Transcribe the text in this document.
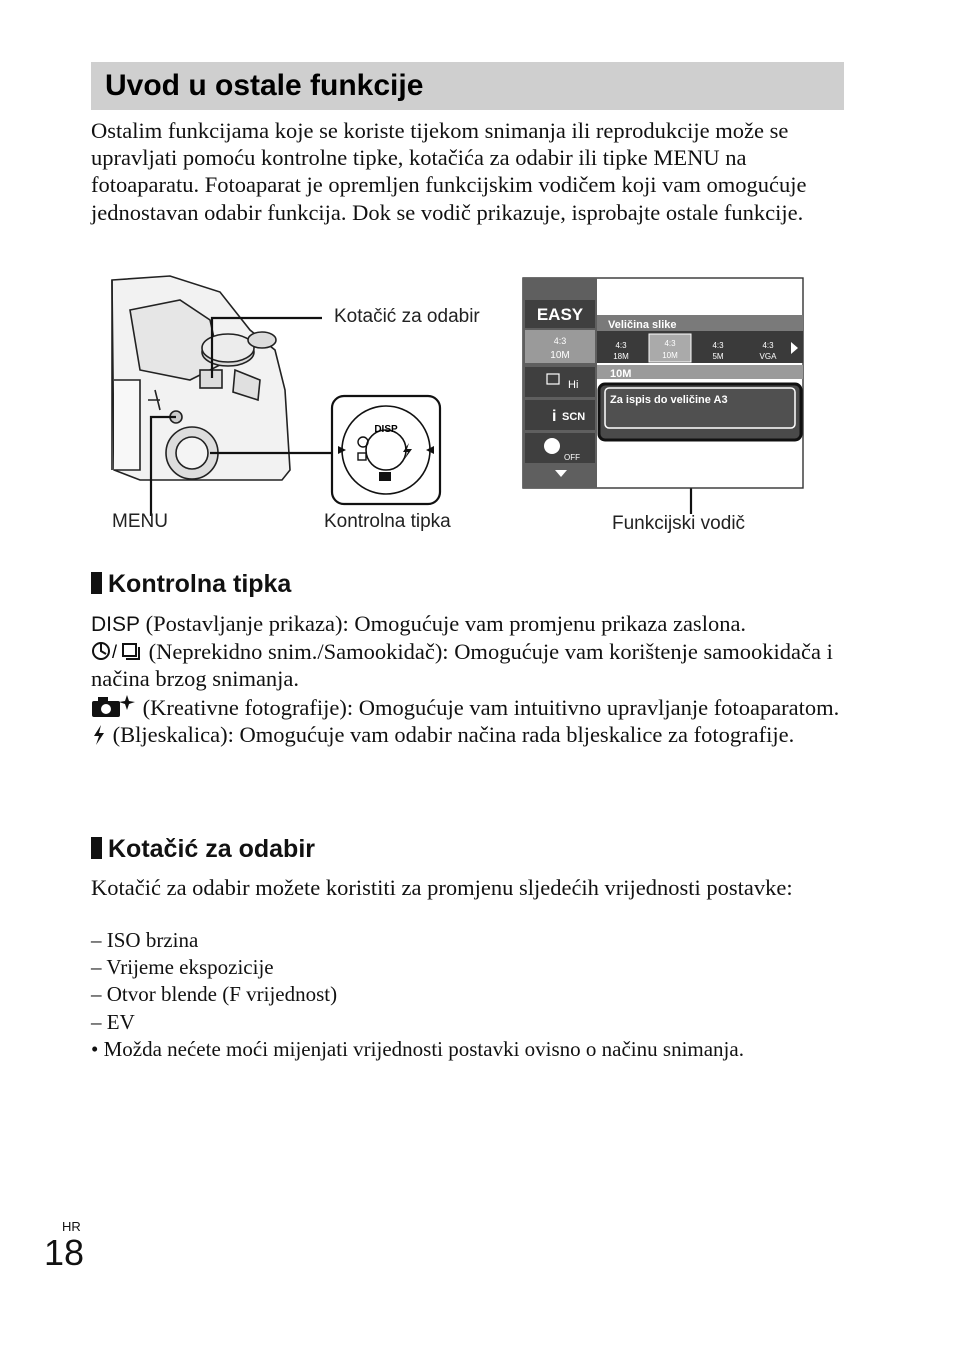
Uvod u ostale funkcije

Ostalim funkcijama koje se koriste tijekom snimanja ili reprodukcije može se upravljati pomoću kontrolne tipke, kotačića za odabir ili tipke MENU na fotoaparatu. Fotoaparat je opremljen funkcijskim vodičem koji vam omogućuje jednostavan odabir funkcija. Dok se vodič prikazuje, isprobajte ostale funkcije.

DISP
EASY
4:3
10M
Hi
i SCN
OFF
Veličina slike
4:3
18M
4:3
10M
4:3
5M
4:3
VGA
10M
Za ispis do veličine A3
Kotačić za odabir
MENU	Kontrolna tipka	Funkcijski vodič
Kontrolna tipka
DISP (Postavljanje prikaza): Omogućuje vam promjenu prikaza zaslona.
/ (Neprekidno snim./Samookidač): Omogućuje vam korištenje samookidača i načina brzog snimanja.
(Kreativne fotografije): Omogućuje vam intuitivno upravljanje fotoaparatom.
(Bljeskalica): Omogućuje vam odabir načina rada bljeskalice za fotografije.
Kotačić za odabir

Kotačić za odabir možete koristiti za promjenu sljedećih vrijednosti postavke:

– ISO brzina
– Vrijeme ekspozicije
– Otvor blende (F vrijednost)
– EV
• Možda nećete moći mijenjati vrijednosti postavki ovisno o načinu snimanja.
HR
18
